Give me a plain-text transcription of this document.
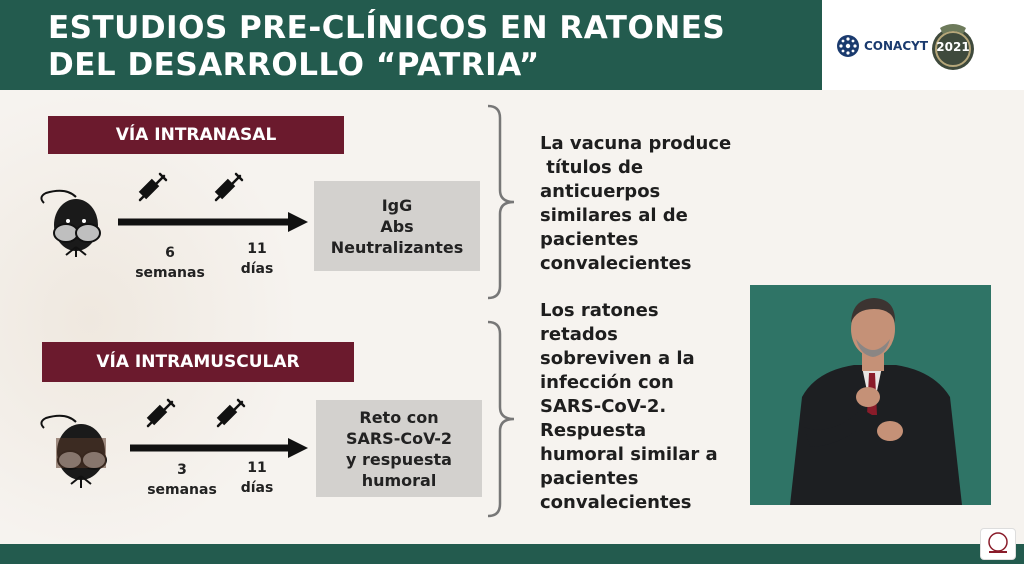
ESTUDIOS PRE-CLÍNICOS EN RATONES
DEL DESARROLLO “PATRIA”
CONACYT 2021
VÍA INTRANASAL
6
semanas
11
días
IgG
Abs
Neutralizantes
VÍA INTRAMUSCULAR
3
semanas
11
días
Reto con
SARS-CoV-2
y respuesta
humoral
La vacuna produce
títulos de
anticuerpos
similares al de
pacientes
convalecientes
Los ratones
retados
sobreviven a la
infección con
SARS-CoV-2.
Respuesta
humoral similar a
pacientes
convalecientes
